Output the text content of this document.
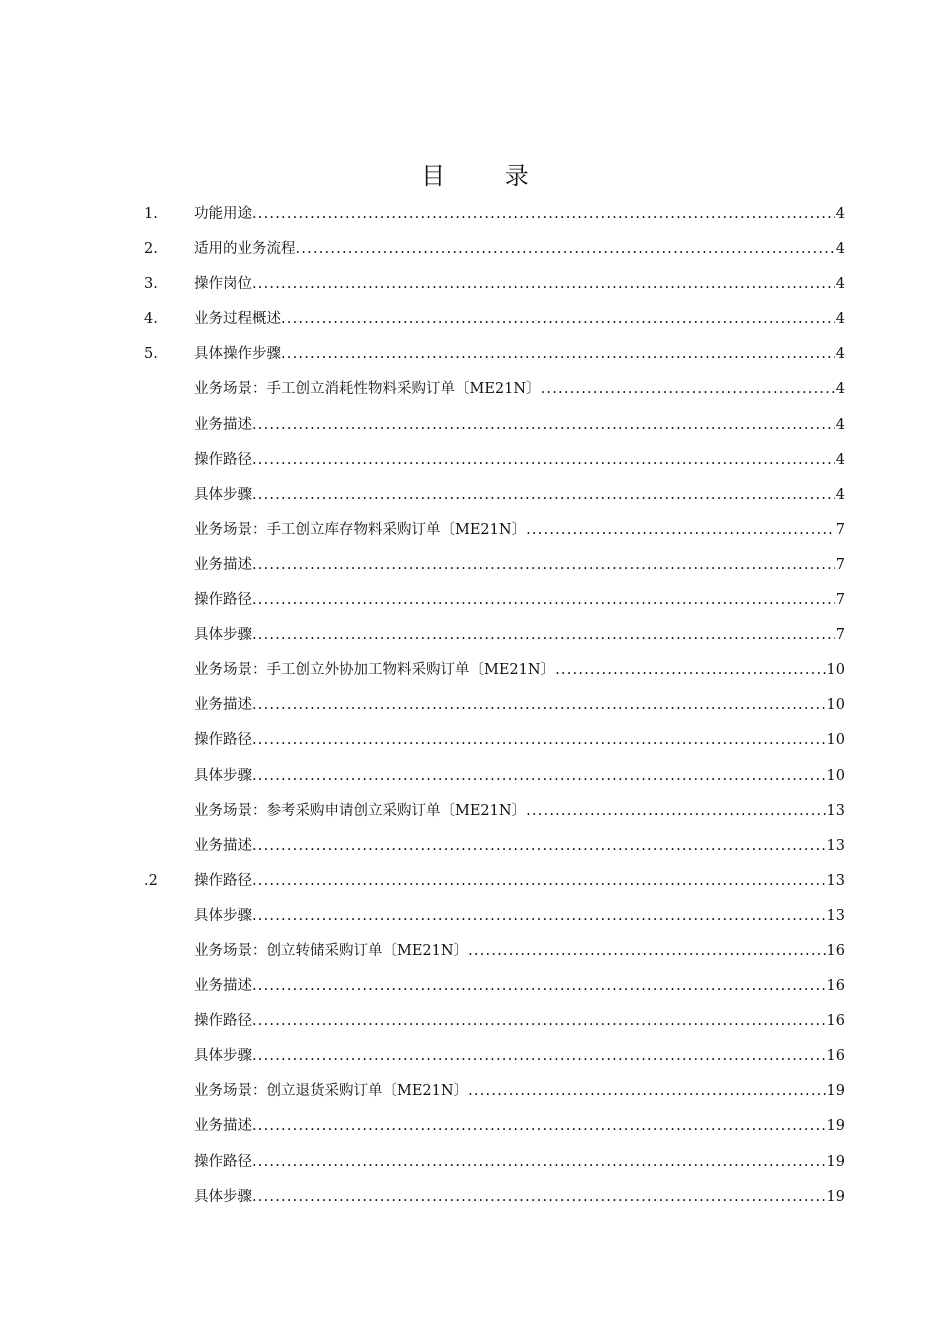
目 录
1. 功能用途 .....	4
2. 适用的业务流程 .....	4
3. 操作岗位 .....	4
4. 业务过程概述 .....	4
5. 具体操作步骤 .....	4
业务场景：手工创立消耗性物料采购订单〔ME21N〕 .....	4
业务描述 .....	4
操作路径 .....	4
具体步骤 .....	4
业务场景：手工创立库存物料采购订单〔ME21N〕 .....	7
业务描述 .....	7
操作路径 .....	7
具体步骤 .....	7
业务场景：手工创立外协加工物料采购订单〔ME21N〕 .....	10
业务描述 .....	10
操作路径 .....	10
具体步骤 .....	10
业务场景：参考采购申请创立采购订单〔ME21N〕 .....	13
业务描述 .....	13
.2 操作路径 .....	13
具体步骤 .....	13
业务场景：创立转储采购订单〔ME21N〕 .....	16
业务描述 .....	16
操作路径 .....	16
具体步骤 .....	16
业务场景：创立退货采购订单〔ME21N〕 .....	19
业务描述 .....	19
操作路径 .....	19
具体步骤 .....	19
